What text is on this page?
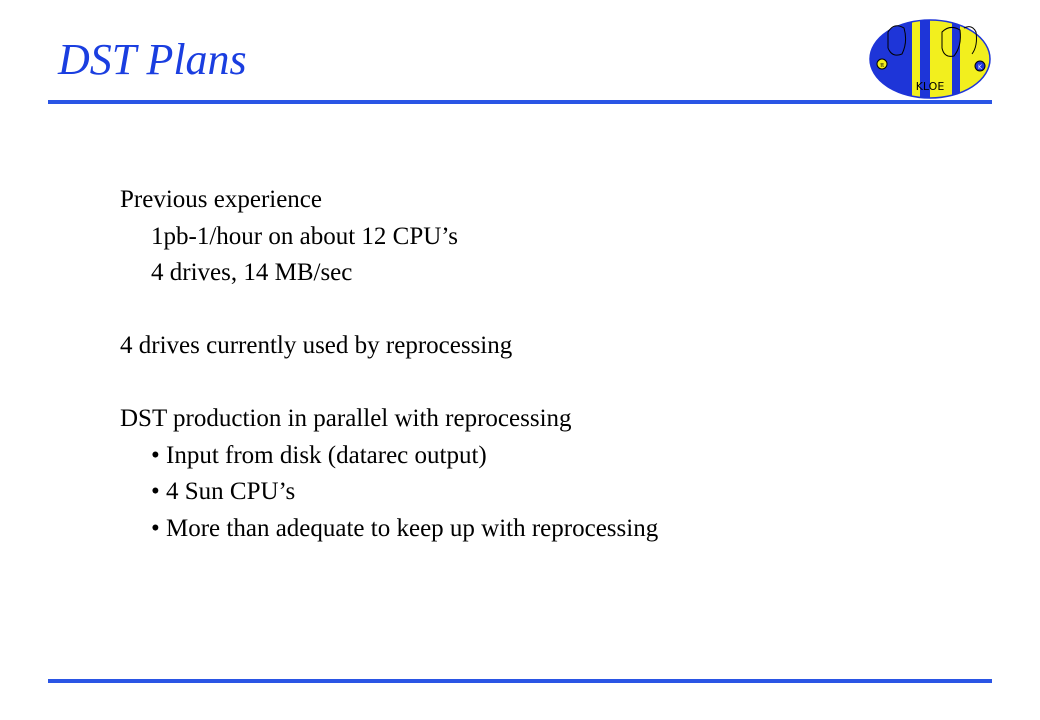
DST Plans	π	K
KLOE
Previous experience
1pb-1/hour on about 12 CPU’s
4 drives, 14 MB/sec
4 drives currently used by reprocessing
DST production in parallel with reprocessing
• Input from disk (datarec output)
• 4 Sun CPU’s
• More than adequate to keep up with reprocessing
